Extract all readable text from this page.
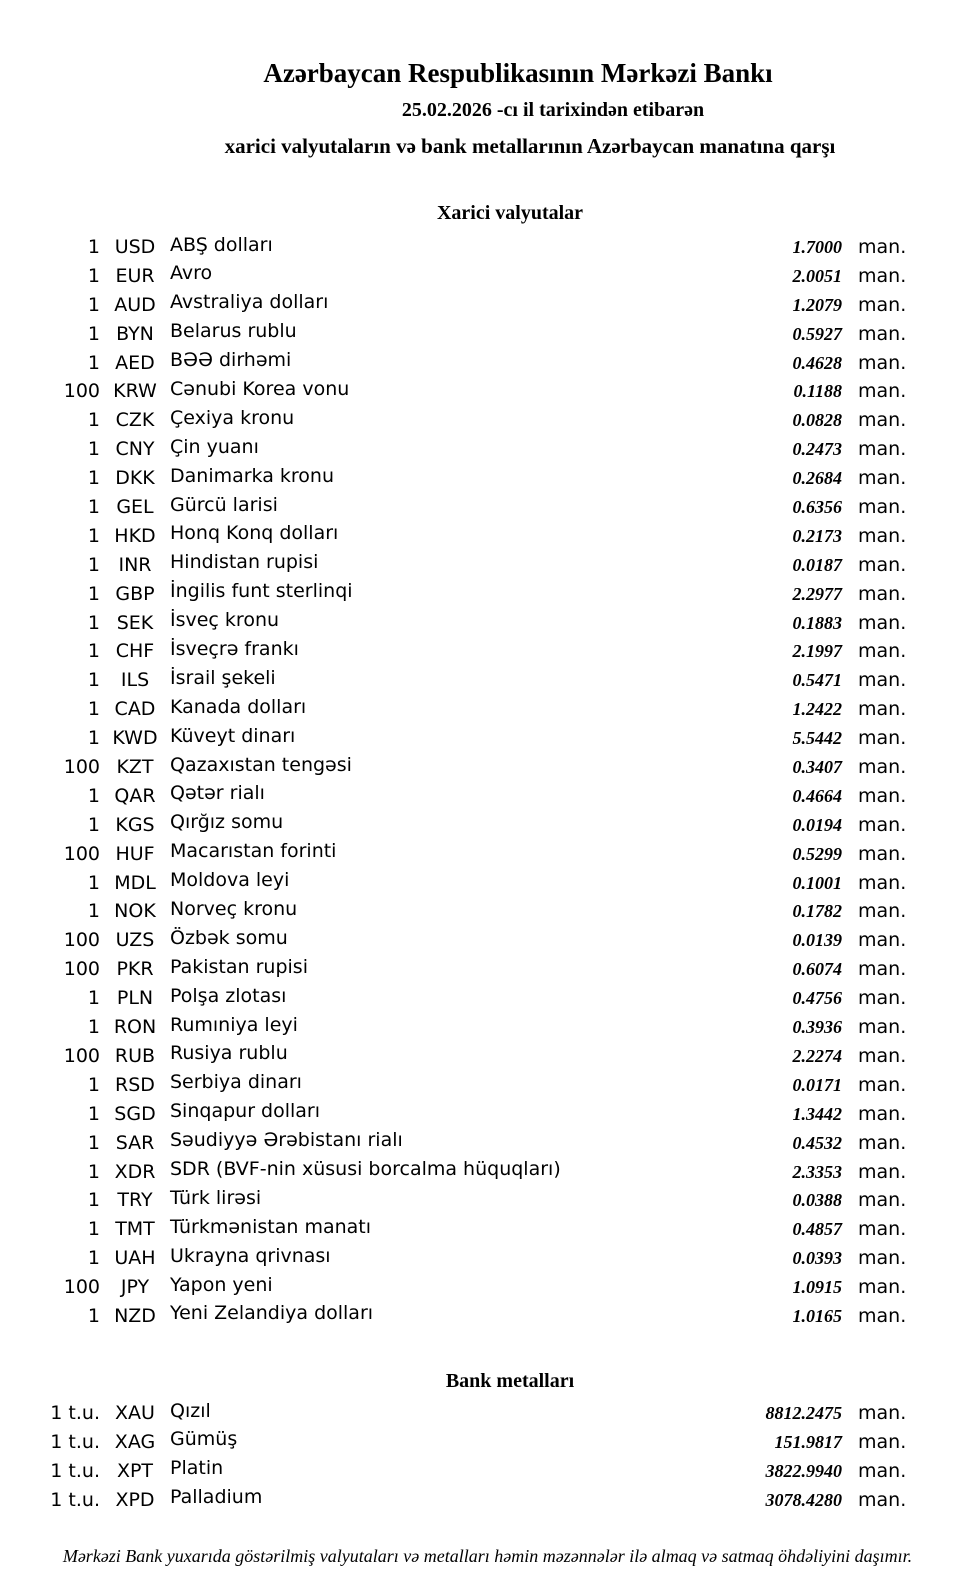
Azərbaycan Respublikasının Mərkəzi Bankı
25.02.2026 -cı il tarixindən etibarən
xarici valyutaların və bank metallarının Azərbaycan manatına qarşı
Xarici valyutalar
1 USD ABŞ dolları	1.7000 man.
1 EUR Avro	2.0051 man.
1 AUD Avstraliya dolları	1.2079 man.
1 BYN Belarus rublu	0.5927 man.
1 AED BƏƏ dirhəmi	0.4628 man.
100 KRW Cənubi Korea vonu	0.1188 man.
1 CZK Çexiya kronu	0.0828 man.
1 CNY Çin yuanı	0.2473 man.
1 DKK Danimarka kronu	0.2684 man.
1 GEL Gürcü larisi	0.6356 man.
1 HKD Honq Konq dolları	0.2173 man.
1 INR Hindistan rupisi	0.0187 man.
1 GBP İngilis funt sterlinqi	2.2977 man.
1 SEK İsveç kronu	0.1883 man.
1 CHF İsveçrə frankı	2.1997 man.
1	ILS	İsrail şekeli	0.5471 man.
1 CAD Kanada dolları	1.2422 man.
1 KWD Küveyt dinarı	5.5442 man.
100 KZT Qazaxıstan tengəsi	0.3407 man.
1 QAR Qətər rialı	0.4664 man.
1 KGS Qırğız somu	0.0194 man.
100 HUF Macarıstan forinti	0.5299 man.
1 MDL Moldova leyi	0.1001 man.
1 NOK Norveç kronu	0.1782 man.
100 UZS Özbək somu	0.0139 man.
100 PKR Pakistan rupisi	0.6074 man.
1 PLN Polşa zlotası	0.4756 man.
1 RON Rumıniya leyi	0.3936 man.
100 RUB Rusiya rublu	2.2274 man.
1 RSD Serbiya dinarı	0.0171 man.
1 SGD Sinqapur dolları	1.3442 man.
1 SAR Səudiyyə Ərəbistanı rialı	0.4532 man.
1 XDR SDR (BVF-nin xüsusi borcalma hüquqları)	2.3353 man.
1 TRY Türk lirəsi	0.0388 man.
1 TMT Türkmənistan manatı	0.4857 man.
1 UAH Ukrayna qrivnası	0.0393 man.
100	JPY	Yapon yeni	1.0915 man.
1 NZD Yeni Zelandiya dolları	1.0165 man.
Bank metalları
1 t.u. XAU Qızıl	8812.2475 man.
1 t.u. XAG Gümüş	151.9817 man.
1 t.u. XPT Platin	3822.9940 man.
1 t.u. XPD Palladium	3078.4280 man.
Mərkəzi Bank yuxarıda göstərilmiş valyutaları və metalları həmin məzənnələr ilə almaq və satmaq öhdəliyini daşımır.
